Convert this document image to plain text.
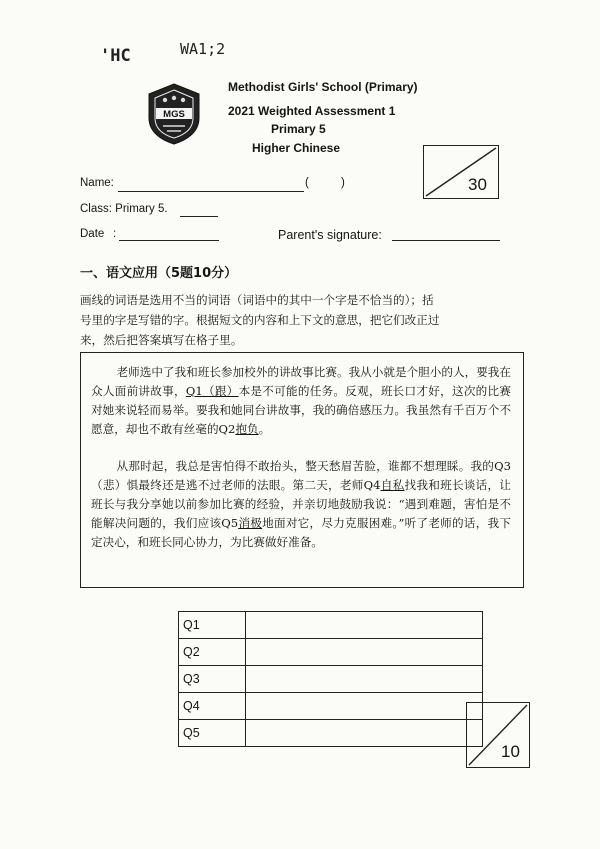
'HC	WA1;2
MGS
Methodist Girls' School (Primary)
2021 Weighted Assessment 1
Primary 5
Higher Chinese
30
Name:	(	)
Class: Primary 5.
Date :	Parent's signature:
一、语文应用（5题10分）
画线的词语是选用不当的词语（词语中的其中一个字是不恰当的）；括
号里的字是写错的字。根据短文的内容和上下文的意思，把它们改正过
来，然后把答案填写在格子里。

老师选中了我和班长参加校外的讲故事比赛。我从小就是个胆小的人，要我在众人面前讲故事，Q1（跟）本是不可能的任务。反观，班长口才好，这次的比赛对她来说轻而易举。要我和她同台讲故事，我的确倍感压力。我虽然有千百万个不愿意，却也不敢有丝毫的Q2抱负。

从那时起，我总是害怕得不敢抬头，整天愁眉苦脸，谁都不想理睬。我的Q3（悲）惧最终还是逃不过老师的法眼。第二天，老师Q4自私找我和班长谈话，让班长与我分享她以前参加比赛的经验，并亲切地鼓励我说：“遇到难题，害怕是不能解决问题的，我们应该Q5消极地面对它，尽力克服困难。”听了老师的话，我下定决心，和班长同心协力，为比赛做好准备。

Q1	
Q2	
Q3	
Q4	
Q5	
10
